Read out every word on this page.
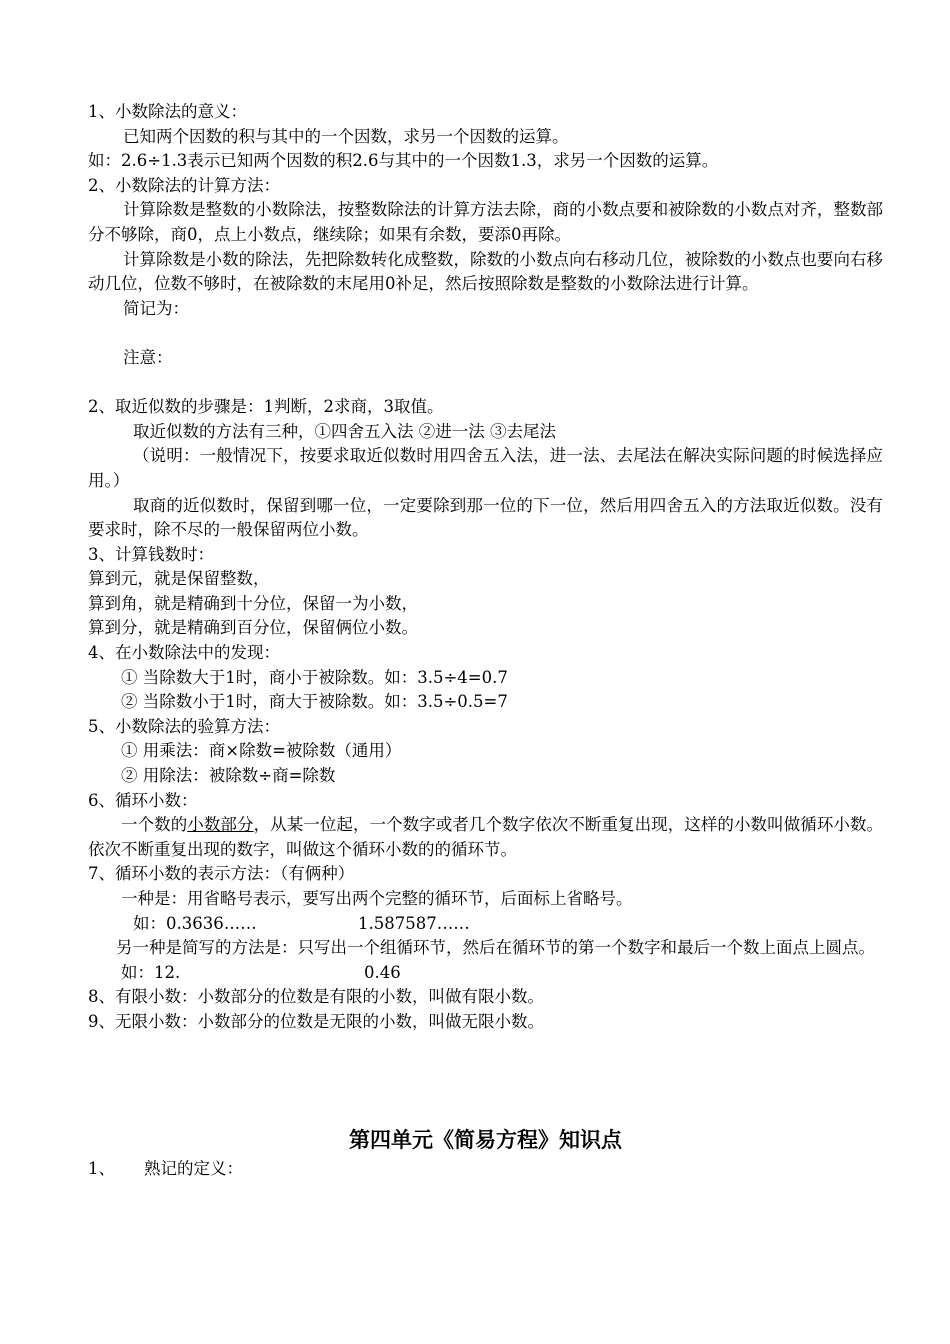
1、小数除法的意义：
已知两个因数的积与其中的一个因数，求另一个因数的运算。
如：2.6÷1.3表示已知两个因数的积2.6与其中的一个因数1.3，求另一个因数的运算。
2、小数除法的计算方法：
计算除数是整数的小数除法，按整数除法的计算方法去除，商的小数点要和被除数的小数点对齐，整数部分不够除，商0，点上小数点，继续除；如果有余数，要添0再除。
计算除数是小数的除法，先把除数转化成整数，除数的小数点向右移动几位，被除数的小数点也要向右移动几位，位数不够时，在被除数的末尾用0补足，然后按照除数是整数的小数除法进行计算。
简记为：
注意：
2、取近似数的步骤是：1判断，2求商，3取值。
取近似数的方法有三种，①四舍五入法 ②进一法 ③去尾法
（说明：一般情况下，按要求取近似数时用四舍五入法，进一法、去尾法在解决实际问题的时候选择应用。）
取商的近似数时，保留到哪一位，一定要除到那一位的下一位，然后用四舍五入的方法取近似数。没有要求时，除不尽的一般保留两位小数。
3、计算钱数时：
算到元，就是保留整数，
算到角，就是精确到十分位，保留一为小数，
算到分，就是精确到百分位，保留俩位小数。
4、在小数除法中的发现：
① 当除数大于1时，商小于被除数。如：3.5÷4=0.7
② 当除数小于1时，商大于被除数。如：3.5÷0.5=7
5、小数除法的验算方法：
① 用乘法：商×除数=被除数（通用）
② 用除法：被除数÷商=除数
6、循环小数：
一个数的小数部分，从某一位起，一个数字或者几个数字依次不断重复出现，这样的小数叫做循环小数。依次不断重复出现的数字，叫做这个循环小数的的循环节。
7、循环小数的表示方法：（有俩种）
一种是：用省略号表示，要写出两个完整的循环节，后面标上省略号。
如：0.3636……	1.587587……
另一种是简写的方法是：只写出一个组循环节，然后在循环节的第一个数字和最后一个数上面点上圆点。
如：12.	0.46
8、有限小数：小数部分的位数是有限的小数，叫做有限小数。
9、无限小数：小数部分的位数是无限的小数，叫做无限小数。
第四单元《简易方程》知识点
1、 熟记的定义：
